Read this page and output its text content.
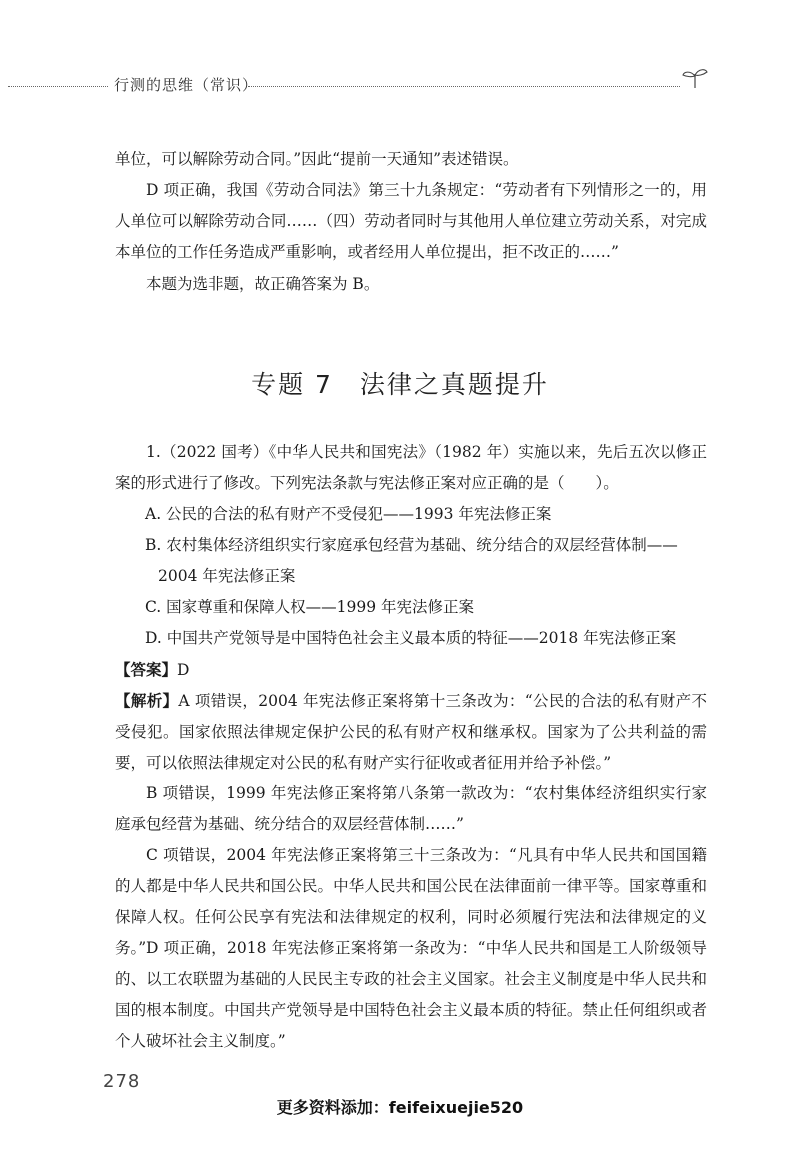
行测的思维（常识）
单位，可以解除劳动合同。”因此“提前一天通知”表述错误。
D 项正确，我国《劳动合同法》第三十九条规定：“劳动者有下列情形之一的，用人单位可以解除劳动合同……（四）劳动者同时与其他用人单位建立劳动关系，对完成本单位的工作任务造成严重影响，或者经用人单位提出，拒不改正的……”
本题为选非题，故正确答案为 B。
专题 7　法律之真题提升
1.（2022 国考）《中华人民共和国宪法》（1982 年）实施以来，先后五次以修正案的形式进行了修改。下列宪法条款与宪法修正案对应正确的是（　　）。
A. 公民的合法的私有财产不受侵犯——1993 年宪法修正案
B. 农村集体经济组织实行家庭承包经营为基础、统分结合的双层经营体制——
2004 年宪法修正案
C. 国家尊重和保障人权——1999 年宪法修正案
D. 中国共产党领导是中国特色社会主义最本质的特征——2018 年宪法修正案
【答案】D
【解析】A 项错误，2004 年宪法修正案将第十三条改为：“公民的合法的私有财产不受侵犯。国家依照法律规定保护公民的私有财产权和继承权。国家为了公共利益的需要，可以依照法律规定对公民的私有财产实行征收或者征用并给予补偿。”
B 项错误，1999 年宪法修正案将第八条第一款改为：“农村集体经济组织实行家庭承包经营为基础、统分结合的双层经营体制……”
C 项错误，2004 年宪法修正案将第三十三条改为：“凡具有中华人民共和国国籍的人都是中华人民共和国公民。中华人民共和国公民在法律面前一律平等。国家尊重和保障人权。任何公民享有宪法和法律规定的权利，同时必须履行宪法和法律规定的义务。” D 项正确，2018 年宪法修正案将第一条改为：“中华人民共和国是工人阶级领导的、以工农联盟为基础的人民民主专政的社会主义国家。社会主义制度是中华人民共和国的根本制度。中国共产党领导是中国特色社会主义最本质的特征。禁止任何组织或者个人破坏社会主义制度。”
278
更多资料添加：feifeixuejie520
